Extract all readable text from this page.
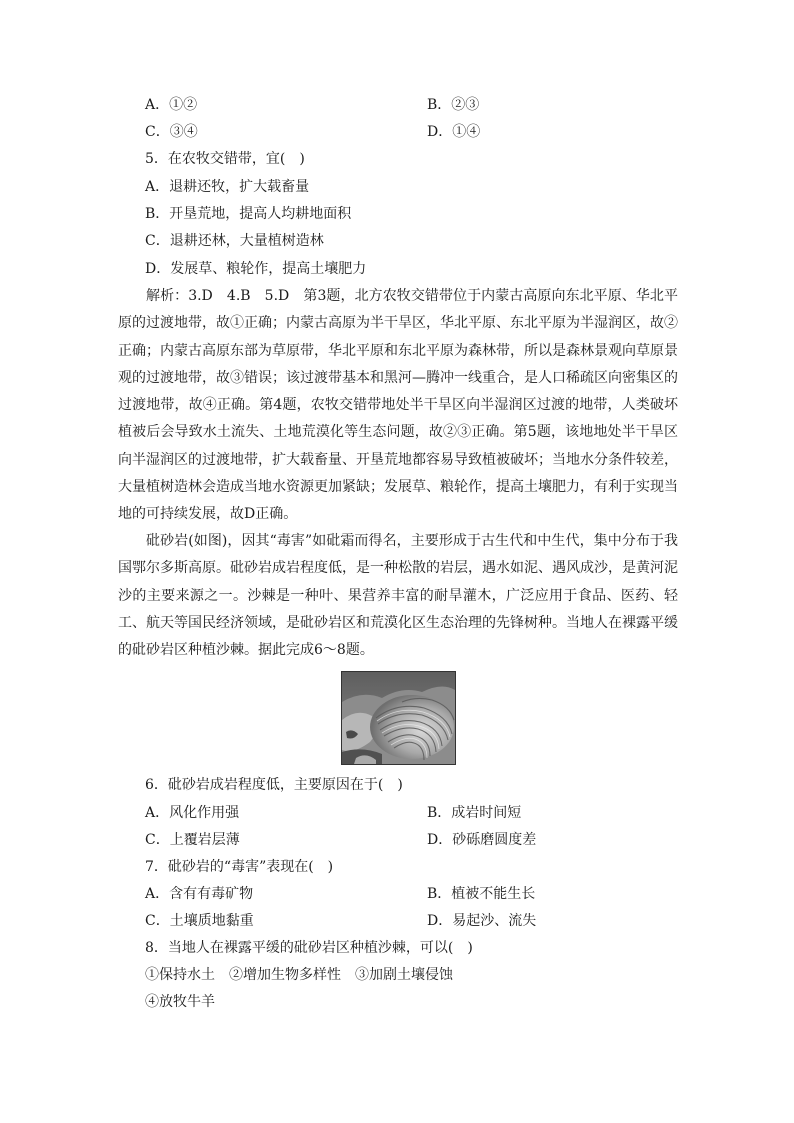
A．①②	B．②③
C．③④	D．①④
5．在农牧交错带，宜(　)
A．退耕还牧，扩大载畜量
B．开垦荒地，提高人均耕地面积
C．退耕还林，大量植树造林
D．发展草、粮轮作，提高土壤肥力
解析：3.D　4.B　5.D　第3题，北方农牧交错带位于内蒙古高原向东北平原、华北平原的过渡地带，故①正确；内蒙古高原为半干旱区，华北平原、东北平原为半湿润区，故②正确；内蒙古高原东部为草原带，华北平原和东北平原为森林带，所以是森林景观向草原景观的过渡地带，故③错误；该过渡带基本和黑河—腾冲一线重合，是人口稀疏区向密集区的过渡地带，故④正确。第4题，农牧交错带地处半干旱区向半湿润区过渡的地带，人类破坏植被后会导致水土流失、土地荒漠化等生态问题，故②③正确。第5题，该地地处半干旱区向半湿润区的过渡地带，扩大载畜量、开垦荒地都容易导致植被破坏；当地水分条件较差，大量植树造林会造成当地水资源更加紧缺；发展草、粮轮作，提高土壤肥力，有利于实现当地的可持续发展，故D正确。
砒砂岩(如图)，因其“毒害”如砒霜而得名，主要形成于古生代和中生代，集中分布于我国鄂尔多斯高原。砒砂岩成岩程度低，是一种松散的岩层，遇水如泥、遇风成沙，是黄河泥沙的主要来源之一。沙棘是一种叶、果营养丰富的耐旱灌木，广泛应用于食品、医药、轻工、航天等国民经济领域，是砒砂岩区和荒漠化区生态治理的先锋树种。当地人在裸露平缓的砒砂岩区种植沙棘。据此完成6～8题。
6．砒砂岩成岩程度低，主要原因在于(　)
A．风化作用强	B．成岩时间短
C．上覆岩层薄	D．砂砾磨圆度差
7．砒砂岩的“毒害”表现在(　)
A．含有有毒矿物	B．植被不能生长
C．土壤质地黏重	D．易起沙、流失
8．当地人在裸露平缓的砒砂岩区种植沙棘，可以(　)
①保持水土　②增加生物多样性　③加剧土壤侵蚀
④放牧牛羊
